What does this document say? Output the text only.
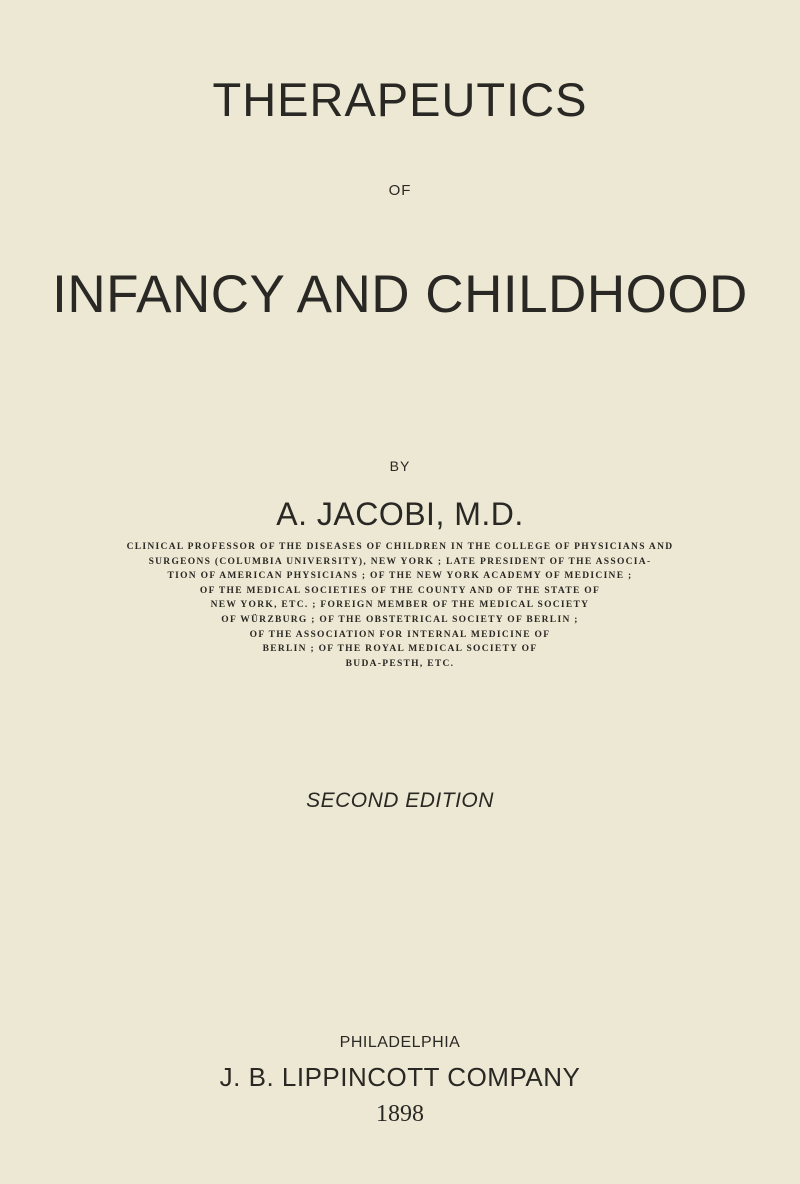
THERAPEUTICS
OF
INFANCY AND CHILDHOOD
BY
A. JACOBI, M.D.
CLINICAL PROFESSOR OF THE DISEASES OF CHILDREN IN THE COLLEGE OF PHYSICIANS AND
SURGEONS (COLUMBIA UNIVERSITY), NEW YORK ; LATE PRESIDENT OF THE ASSOCIA-
TION OF AMERICAN PHYSICIANS ; OF THE NEW YORK ACADEMY OF MEDICINE ;
OF THE MEDICAL SOCIETIES OF THE COUNTY AND OF THE STATE OF
NEW YORK, ETC. ; FOREIGN MEMBER OF THE MEDICAL SOCIETY
OF WÜRZBURG ; OF THE OBSTETRICAL SOCIETY OF BERLIN ;
OF THE ASSOCIATION FOR INTERNAL MEDICINE OF
BERLIN ; OF THE ROYAL MEDICAL SOCIETY OF
BUDA-PESTH, ETC.
SECOND EDITION
PHILADELPHIA
J. B. LIPPINCOTT COMPANY
1898
